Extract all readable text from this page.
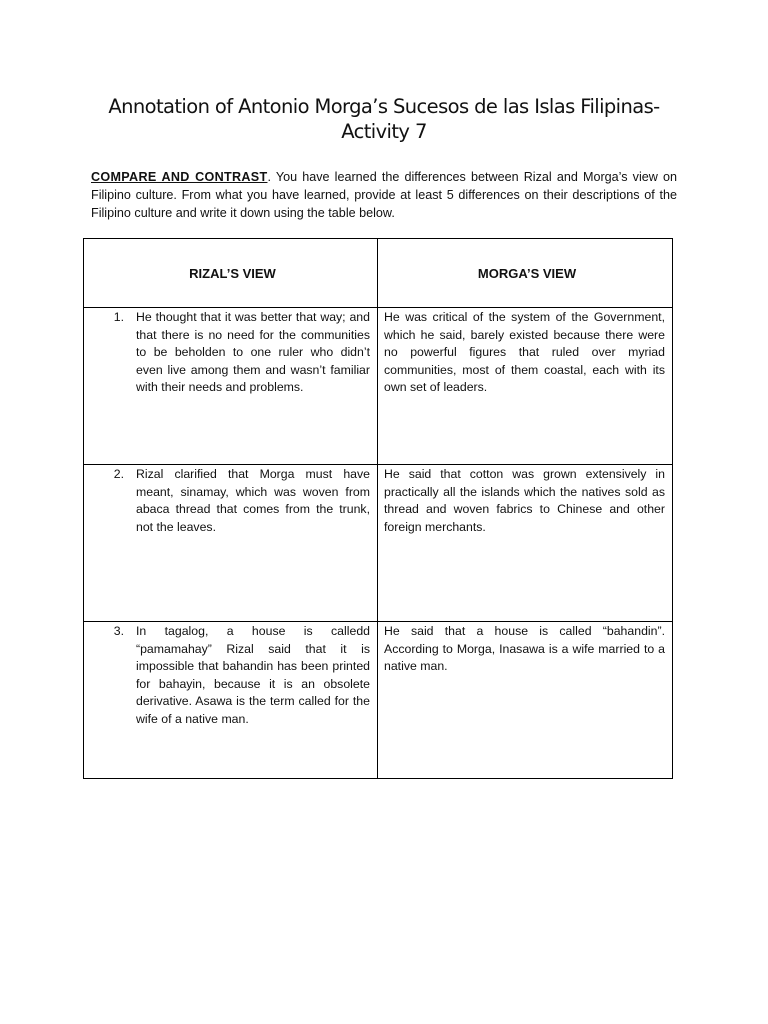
Annotation of Antonio Morga’s Sucesos de las Islas Filipinas-
Activity 7
COMPARE AND CONTRAST. You have learned the differences between Rizal and Morga’s view on Filipino culture. From what you have learned, provide at least 5 differences on their descriptions of the Filipino culture and write it down using the table below.
RIZAL’S VIEW	MORGA’S VIEW

1. He thought that it was better that way; and that there is no need for the communities to be beholden to one ruler who didn’t even live among them and wasn’t familiar with their needs and problems.	He was critical of the system of the Government, which he said, barely existed because there were no powerful figures that ruled over myriad communities, most of them coastal, each with its own set of leaders.

2. Rizal clarified that Morga must have meant, sinamay, which was woven from abaca thread that comes from the trunk, not the leaves.	He said that cotton was grown extensively in practically all the islands which the natives sold as thread and woven fabrics to Chinese and other foreign merchants.

3. In tagalog, a house is calledd “pamamahay” Rizal said that it is impossible that bahandin has been printed for bahayin, because it is an obsolete derivative. Asawa is the term called for the wife of a native man.	He said that a house is called “bahandin”. According to Morga, Inasawa is a wife married to a native man.
